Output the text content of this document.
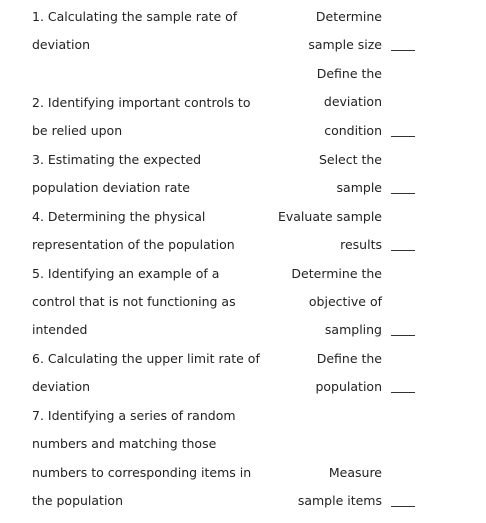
1. Calculating the sample rate of
deviation
2. Identifying important controls to
be relied upon
3. Estimating the expected
population deviation rate
4. Determining the physical
representation of the population
5. Identifying an example of a
control that is not functioning as
intended
6. Calculating the upper limit rate of
deviation
7. Identifying a series of random
numbers and matching those
numbers to corresponding items in
the population
Determine
sample size
Define the
deviation
condition
Select the
sample
Evaluate sample
results
Determine the
objective of
sampling
Define the
population
Measure
sample items
